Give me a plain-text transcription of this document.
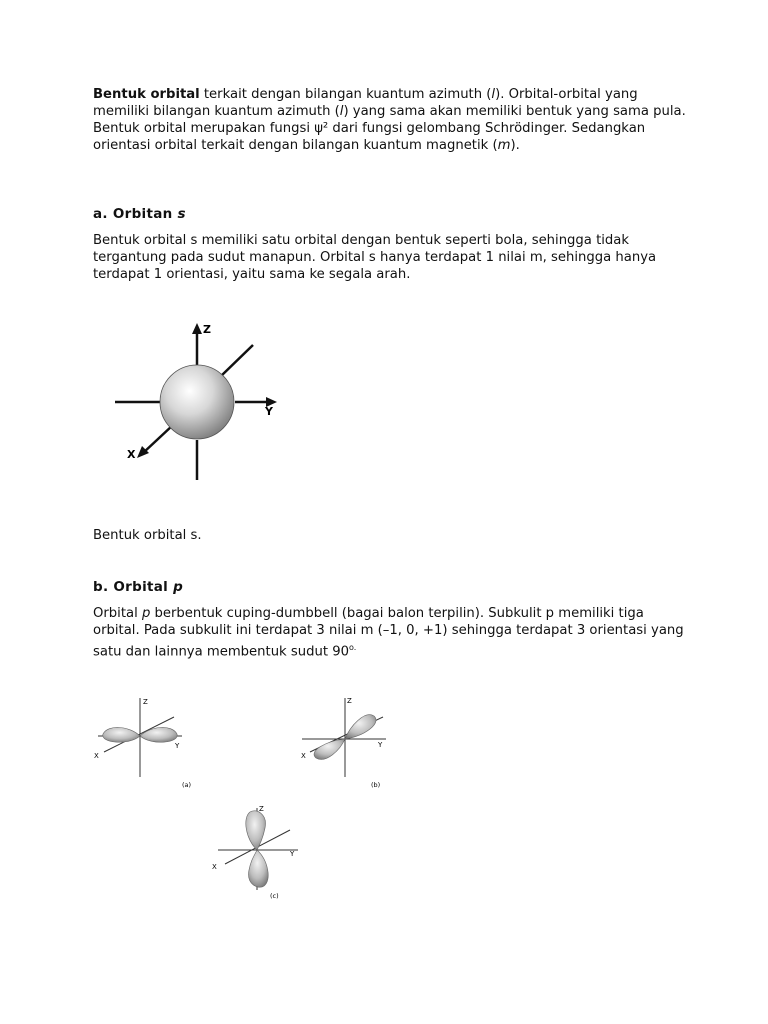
Bentuk orbital terkait dengan bilangan kuantum azimuth (l). Orbital-orbital yang memiliki bilangan kuantum azimuth (l) yang sama akan memiliki bentuk yang sama pula. Bentuk orbital merupakan fungsi ψ² dari fungsi gelombang Schrödinger. Sedangkan orientasi orbital terkait dengan bilangan kuantum magnetik (m).

a. Orbitan s

Bentuk orbital s memiliki satu orbital dengan bentuk seperti bola, sehingga tidak tergantung pada sudut manapun. Orbital s hanya terdapat 1 nilai m, sehingga hanya terdapat 1 orientasi, yaitu sama ke segala arah.

Z
Y
X

Bentuk orbital s.

b. Orbital p

Orbital p berbentuk cuping-dumbbell (bagai balon terpilin). Subkulit p memiliki tiga orbital. Pada subkulit ini terdapat 3 nilai m (–1, 0, +1) sehingga terdapat 3 orientasi yang satu dan lainnya membentuk sudut $90^{o.}$

Z
Y
X
(a)
Z
Y
X
(b)
Z
Y
X
(c)
